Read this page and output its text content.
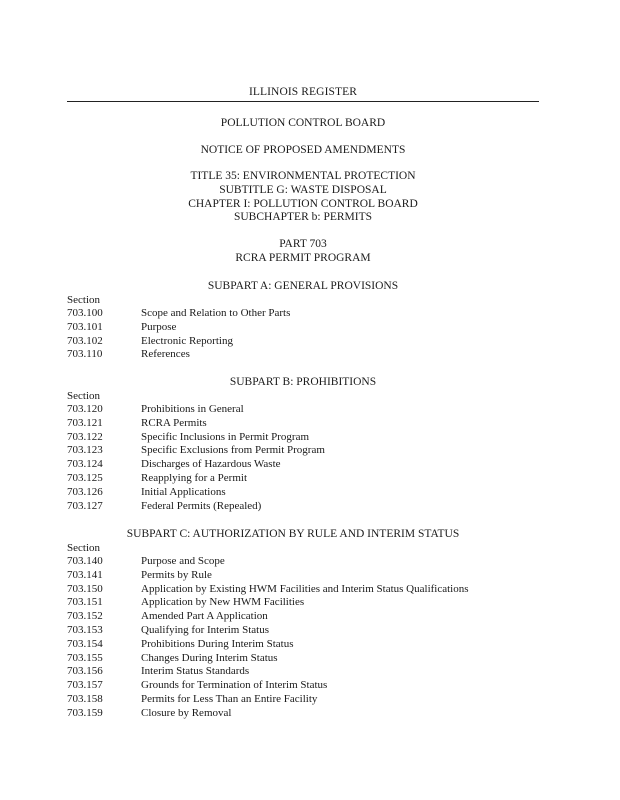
ILLINOIS REGISTER
POLLUTION CONTROL BOARD
NOTICE OF PROPOSED AMENDMENTS
TITLE 35: ENVIRONMENTAL PROTECTION
SUBTITLE G: WASTE DISPOSAL
CHAPTER I: POLLUTION CONTROL BOARD
SUBCHAPTER b: PERMITS
PART 703
RCRA PERMIT PROGRAM
SUBPART A: GENERAL PROVISIONS
Section
703.100	Scope and Relation to Other Parts
703.101	Purpose
703.102	Electronic Reporting
703.110	References
SUBPART B: PROHIBITIONS
Section
703.120	Prohibitions in General
703.121	RCRA Permits
703.122	Specific Inclusions in Permit Program
703.123	Specific Exclusions from Permit Program
703.124	Discharges of Hazardous Waste
703.125	Reapplying for a Permit
703.126	Initial Applications
703.127	Federal Permits (Repealed)
SUBPART C: AUTHORIZATION BY RULE AND INTERIM STATUS
Section
703.140	Purpose and Scope
703.141	Permits by Rule
703.150	Application by Existing HWM Facilities and Interim Status Qualifications
703.151	Application by New HWM Facilities
703.152	Amended Part A Application
703.153	Qualifying for Interim Status
703.154	Prohibitions During Interim Status
703.155	Changes During Interim Status
703.156	Interim Status Standards
703.157	Grounds for Termination of Interim Status
703.158	Permits for Less Than an Entire Facility
703.159	Closure by Removal
